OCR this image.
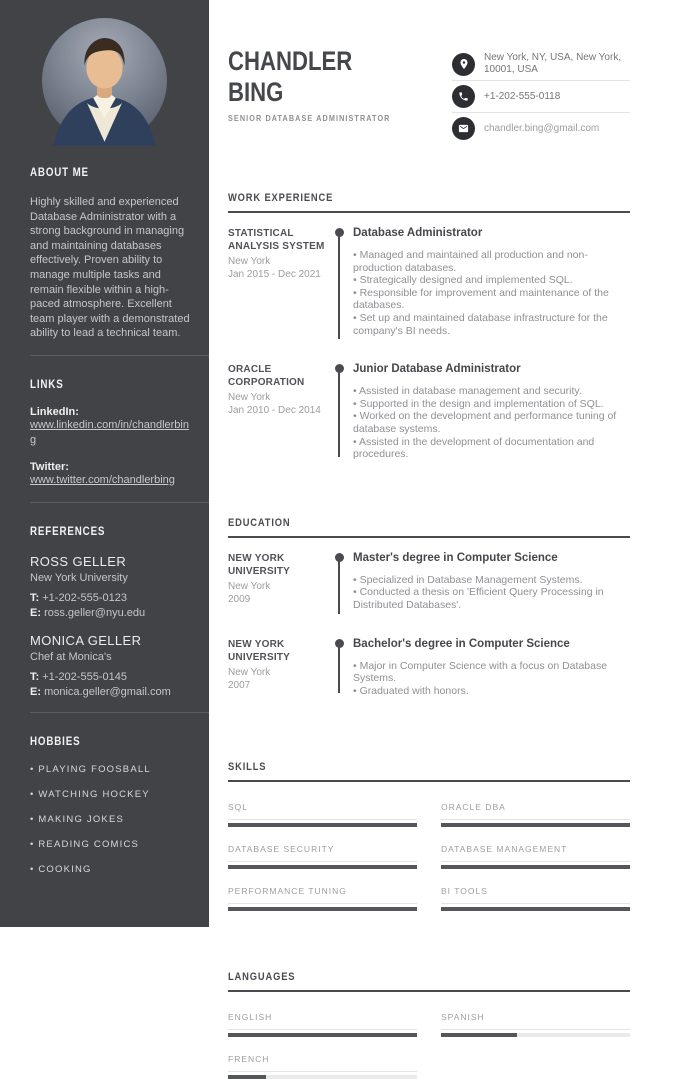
ABOUT ME
Highly skilled and experienced Database Administrator with a strong background in managing and maintaining databases effectively. Proven ability to manage multiple tasks and remain flexible within a high-paced atmosphere. Excellent team player with a demonstrated ability to lead a technical team.
LINKS
LinkedIn:
www.linkedin.com/in/chandlerbing
Twitter:
www.twitter.com/chandlerbing
REFERENCES
ROSS GELLER
New York University
T: +1-202-555-0123
E: ross.geller@nyu.edu
MONICA GELLER
Chef at Monica's
T: +1-202-555-0145
E: monica.geller@gmail.com
HOBBIES
• PLAYING FOOSBALL
• WATCHING HOCKEY
• MAKING JOKES
• READING COMICS
• COOKING
CHANDLER
BING
SENIOR DATABASE ADMINISTRATOR
New York, NY, USA, New York, 10001, USA
+1-202-555-0118
chandler.bing@gmail.com
WORK EXPERIENCE
STATISTICAL ANALYSIS SYSTEM
New York
Jan 2015 - Dec 2021
Database Administrator
• Managed and maintained all production and non-production databases.
• Strategically designed and implemented SQL.
• Responsible for improvement and maintenance of the databases.
• Set up and maintained database infrastructure for the company's BI needs.
ORACLE CORPORATION
New York
Jan 2010 - Dec 2014
Junior Database Administrator
• Assisted in database management and security.
• Supported in the design and implementation of SQL.
• Worked on the development and performance tuning of database systems.
• Assisted in the development of documentation and procedures.
EDUCATION
NEW YORK UNIVERSITY
New York
2009
Master's degree in Computer Science
• Specialized in Database Management Systems.
• Conducted a thesis on 'Efficient Query Processing in Distributed Databases'.
NEW YORK UNIVERSITY
New York
2007
Bachelor's degree in Computer Science
• Major in Computer Science with a focus on Database Systems.
• Graduated with honors.
SKILLS
SQL	ORACLE DBA
DATABASE SECURITY	DATABASE MANAGEMENT
PERFORMANCE TUNING	BI TOOLS
LANGUAGES
ENGLISH	SPANISH
FRENCH
